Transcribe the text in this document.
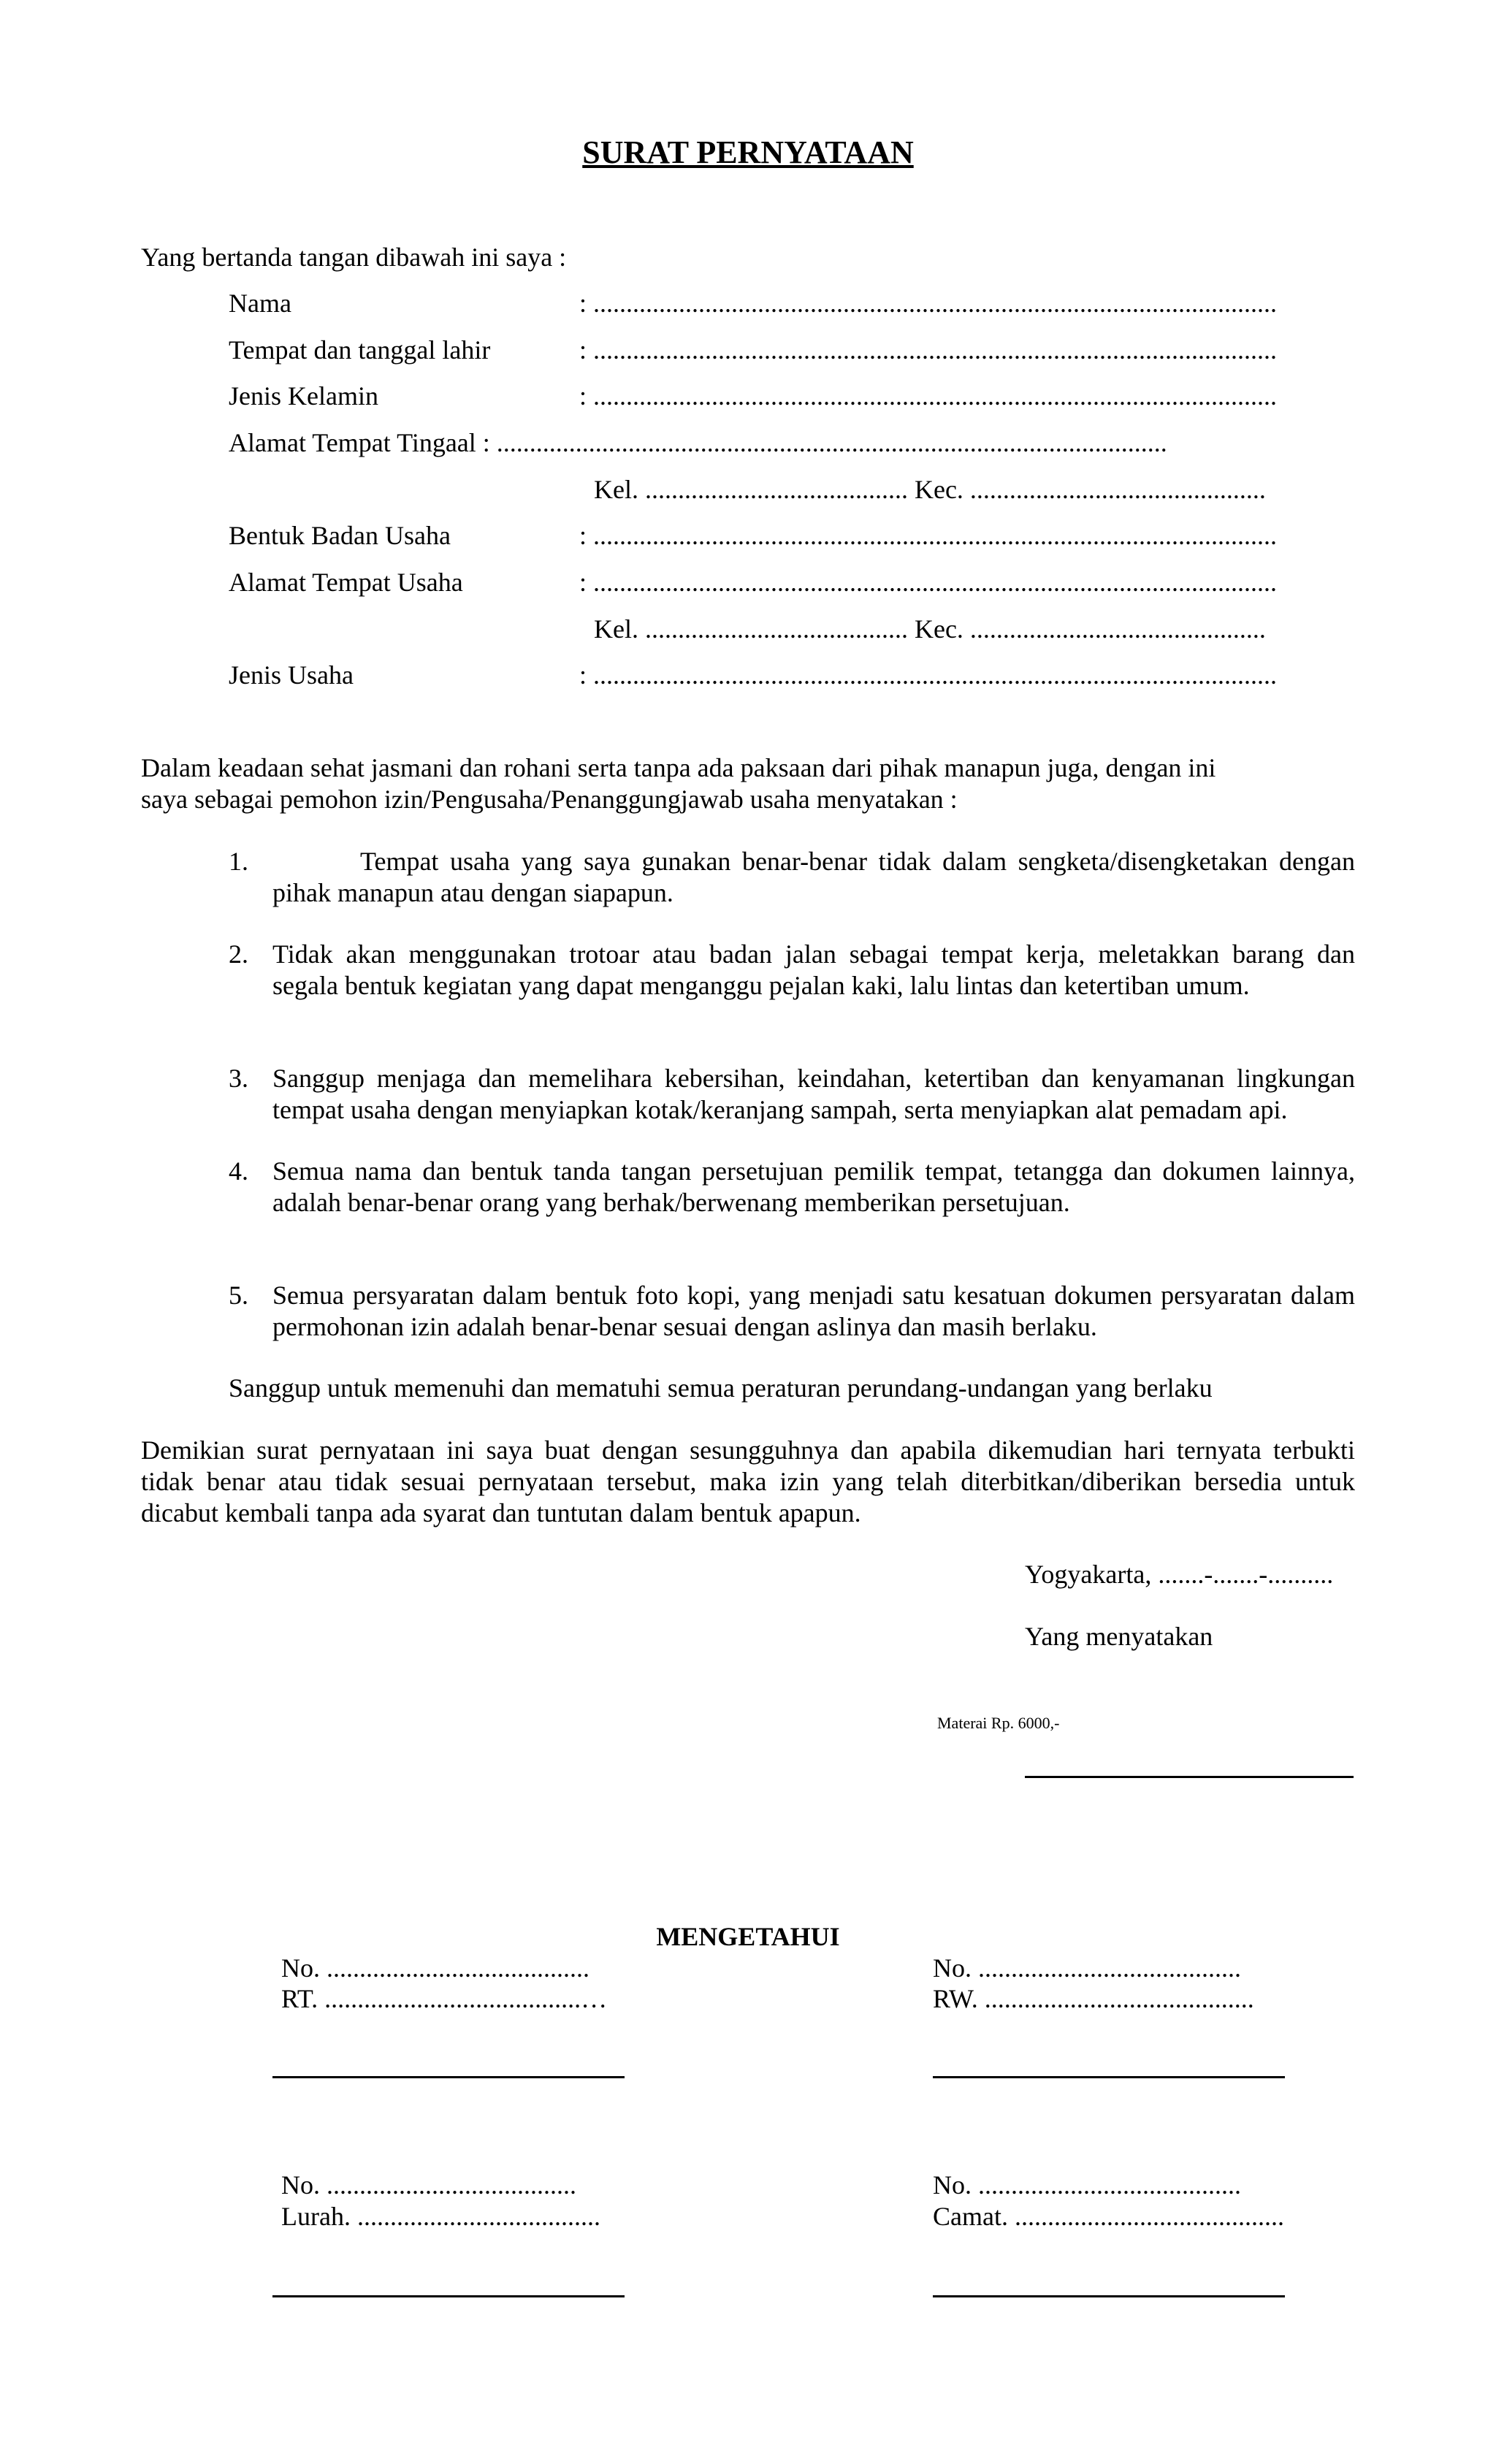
SURAT PERNYATAAN
Yang bertanda tangan dibawah ini saya :
Nama	: ........................................................................................................
Tempat dan tanggal lahir	: ........................................................................................................
Jenis Kelamin	: ........................................................................................................
Alamat Tempat Tingaal : ......................................................................................................
Kel. ........................................ Kec. .............................................
Bentuk Badan Usaha	: ........................................................................................................
Alamat Tempat Usaha	: ........................................................................................................
Kel. ........................................ Kec. .............................................
Jenis Usaha	: ........................................................................................................
Dalam keadaan sehat jasmani dan rohani serta tanpa ada paksaan dari pihak manapun juga, dengan ini
saya sebagai pemohon izin/Pengusaha/Penanggungjawab usaha menyatakan :
1.	Tempat usaha yang saya gunakan benar-benar tidak dalam sengketa/disengketakan dengan
pihak manapun atau dengan siapapun.
2. Tidak akan menggunakan trotoar atau badan jalan sebagai tempat kerja, meletakkan barang dan
segala bentuk kegiatan yang dapat menganggu pejalan kaki, lalu lintas dan ketertiban umum.
3. Sanggup menjaga dan memelihara kebersihan, keindahan, ketertiban dan kenyamanan lingkungan
tempat usaha dengan menyiapkan kotak/keranjang sampah, serta menyiapkan alat pemadam api.
4. Semua nama dan bentuk tanda tangan persetujuan pemilik tempat, tetangga dan dokumen lainnya,
adalah benar-benar orang yang berhak/berwenang memberikan persetujuan.
5. Semua persyaratan dalam bentuk foto kopi, yang menjadi satu kesatuan dokumen persyaratan dalam
permohonan izin adalah benar-benar sesuai dengan aslinya dan masih berlaku.
Sanggup untuk memenuhi dan mematuhi semua peraturan perundang-undangan yang berlaku
Demikian surat pernyataan ini saya buat dengan sesungguhnya dan apabila dikemudian hari ternyata terbukti
tidak benar atau tidak sesuai pernyataan tersebut, maka izin yang telah diterbitkan/diberikan bersedia untuk
dicabut kembali tanpa ada syarat dan tuntutan dalam bentuk apapun.
Yogyakarta, .......-.......-..........
Yang menyatakan
Materai Rp. 6000,-
MENGETAHUI
No. ........................................
RT. .......................................…
No. ........................................
RW. .........................................
No. ......................................
Lurah. .....................................
No. ........................................
Camat. .........................................
